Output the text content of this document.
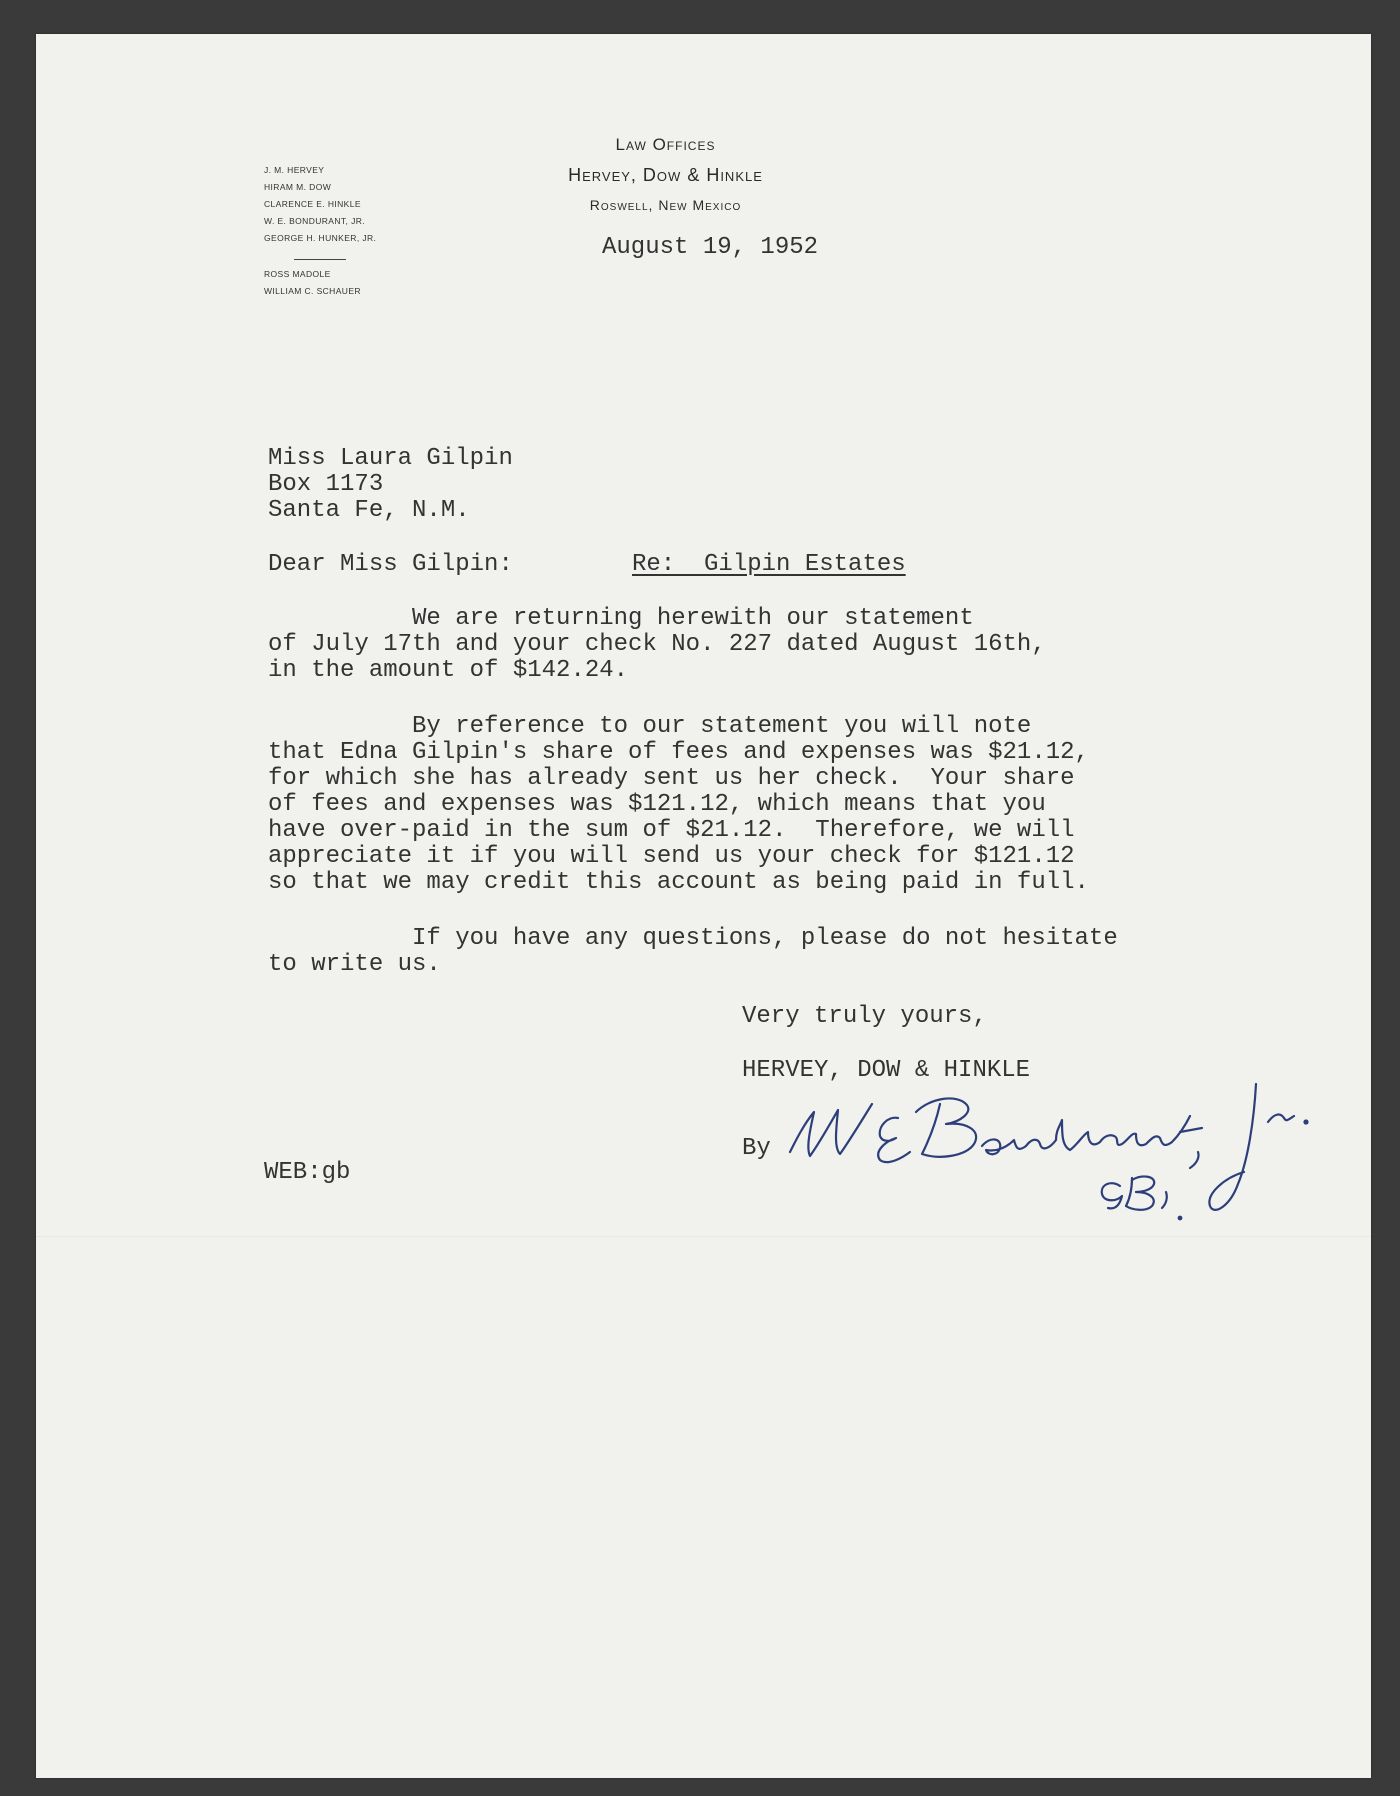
J. M. HERVEY
HIRAM M. DOW
CLARENCE E. HINKLE
W. E. BONDURANT, JR.
GEORGE H. HUNKER, JR.
ROSS MADOLE
WILLIAM C. SCHAUER
Law Offices
Hervey, Dow & Hinkle
Roswell, New Mexico
August 19, 1952
Miss Laura Gilpin
Box 1173
Santa Fe, N.M.
Dear Miss Gilpin:	Re:  Gilpin Estates
We are returning herewith our statement
of July 17th and your check No. 227 dated August 16th,
in the amount of $142.24.
By reference to our statement you will note
that Edna Gilpin's share of fees and expenses was $21.12,
for which she has already sent us her check.  Your share
of fees and expenses was $121.12, which means that you
have over-paid in the sum of $21.12.  Therefore, we will
appreciate it if you will send us your check for $121.12
so that we may credit this account as being paid in full.
If you have any questions, please do not hesitate
to write us.
Very truly yours,
HERVEY, DOW & HINKLE
By
WEB:gb
